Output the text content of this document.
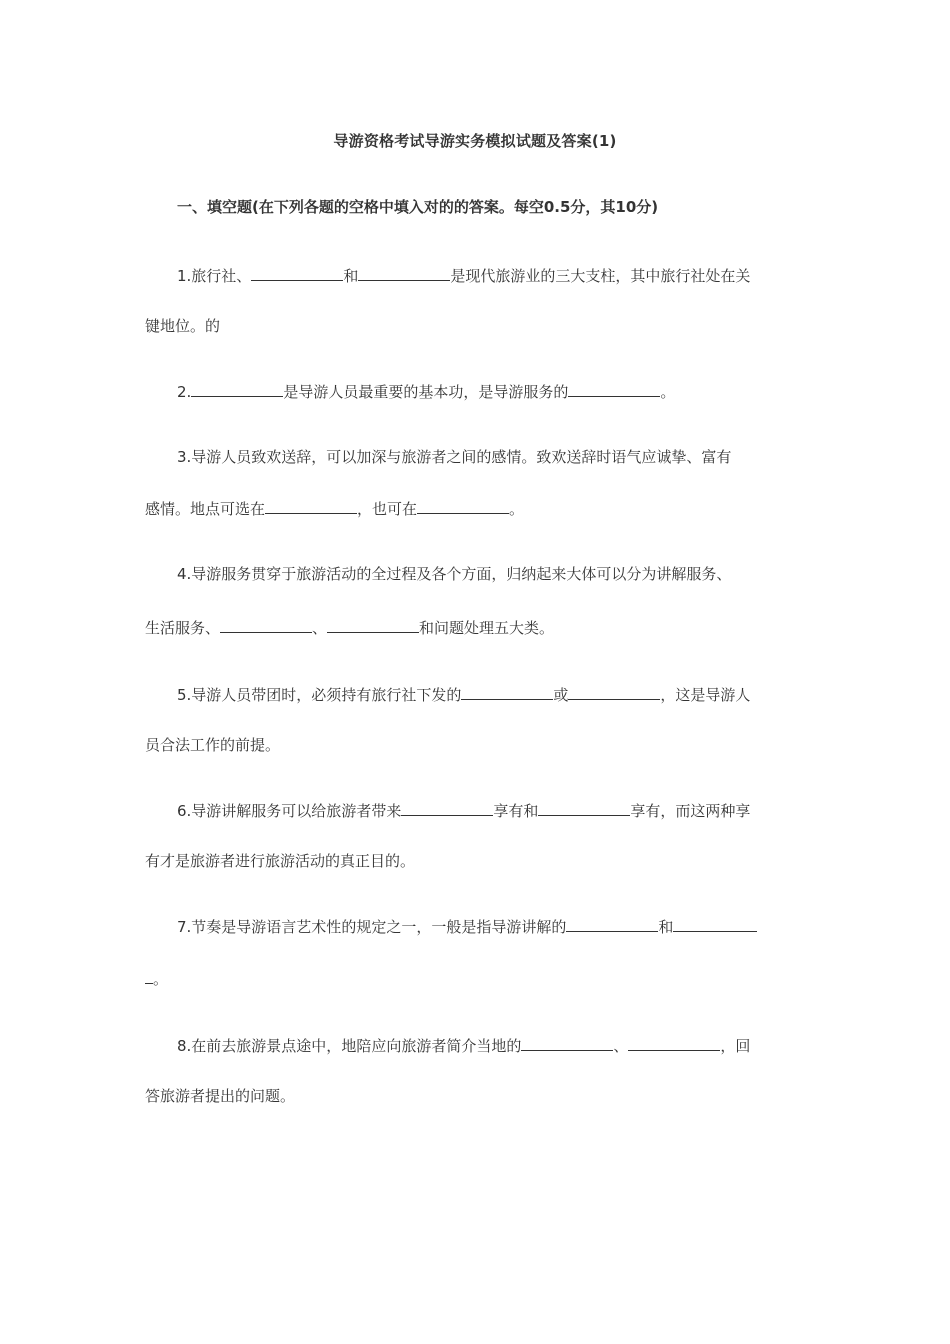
导游资格考试导游实务模拟试题及答案(1)
一、填空题(在下列各题的空格中填入对的的答案。每空0.5分，其10分)
1.旅行社、	和	是现代旅游业的三大支柱，其中旅行社处在关
键地位。的
2.	是导游人员最重要的基本功，是导游服务的	。
3.导游人员致欢送辞，可以加深与旅游者之间的感情。致欢送辞时语气应诚挚、富有
感情。地点可选在	，也可在	。
4.导游服务贯穿于旅游活动的全过程及各个方面，归纳起来大体可以分为讲解服务、
生活服务、	、	和问题处理五大类。
5.导游人员带团时，必须持有旅行社下发的	或	，这是导游人
员合法工作的前提。
6.导游讲解服务可以给旅游者带来	享有和	享有，而这两种享
有才是旅游者进行旅游活动的真正目的。
7.节奏是导游语言艺术性的规定之一，一般是指导游讲解的	和
。
8.在前去旅游景点途中，地陪应向旅游者简介当地的	、	，回
答旅游者提出的问题。
